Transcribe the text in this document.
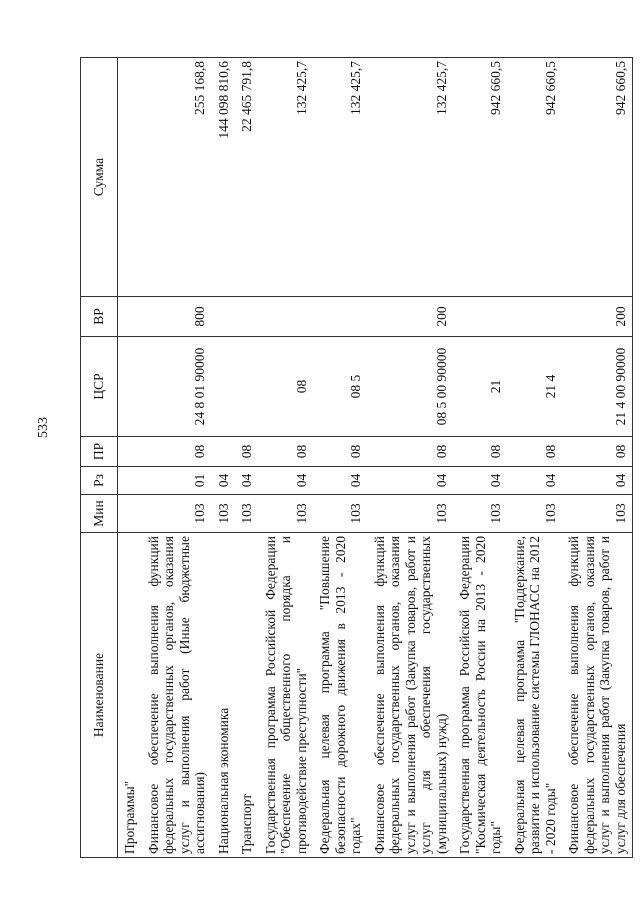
533
Наименование	Мин	Рз	ПР	ЦСР	ВР	Сумма
Программы"						
Финансовое обеспечение выполнения функций федеральных государственных органов, оказания услуг и выполнения работ (Иные бюджетные ассигнования)	103	01	08	24 8 01 90000	800	255 168,8
Национальная экономика	103	04				144 098 810,6
Транспорт	103	04	08			22 465 791,8
Государственная программа Российской Федерации "Обеспечение общественного порядка и противодействие преступности"	103	04	08	08		132 425,7
Федеральная целевая программа "Повышение безопасности дорожного движения в 2013 - 2020 годах"	103	04	08	08 5		132 425,7
Финансовое обеспечение выполнения функций федеральных государственных органов, оказания услуг и выполнения работ (Закупка товаров, работ и услуг для обеспечения государственных (муниципальных) нужд)	103	04	08	08 5 00 90000	200	132 425,7
Государственная программа Российской Федерации "Космическая деятельность России на 2013 - 2020 годы"	103	04	08	21		942 660,5
Федеральная целевая программа "Поддержание, развитие и использование системы ГЛОНАСС на 2012 - 2020 годы"	103	04	08	21 4		942 660,5
Финансовое обеспечение выполнения функций федеральных государственных органов, оказания услуг и выполнения работ (Закупка товаров, работ и услуг для обеспечения	103	04	08	21 4 00 90000	200	942 660,5
